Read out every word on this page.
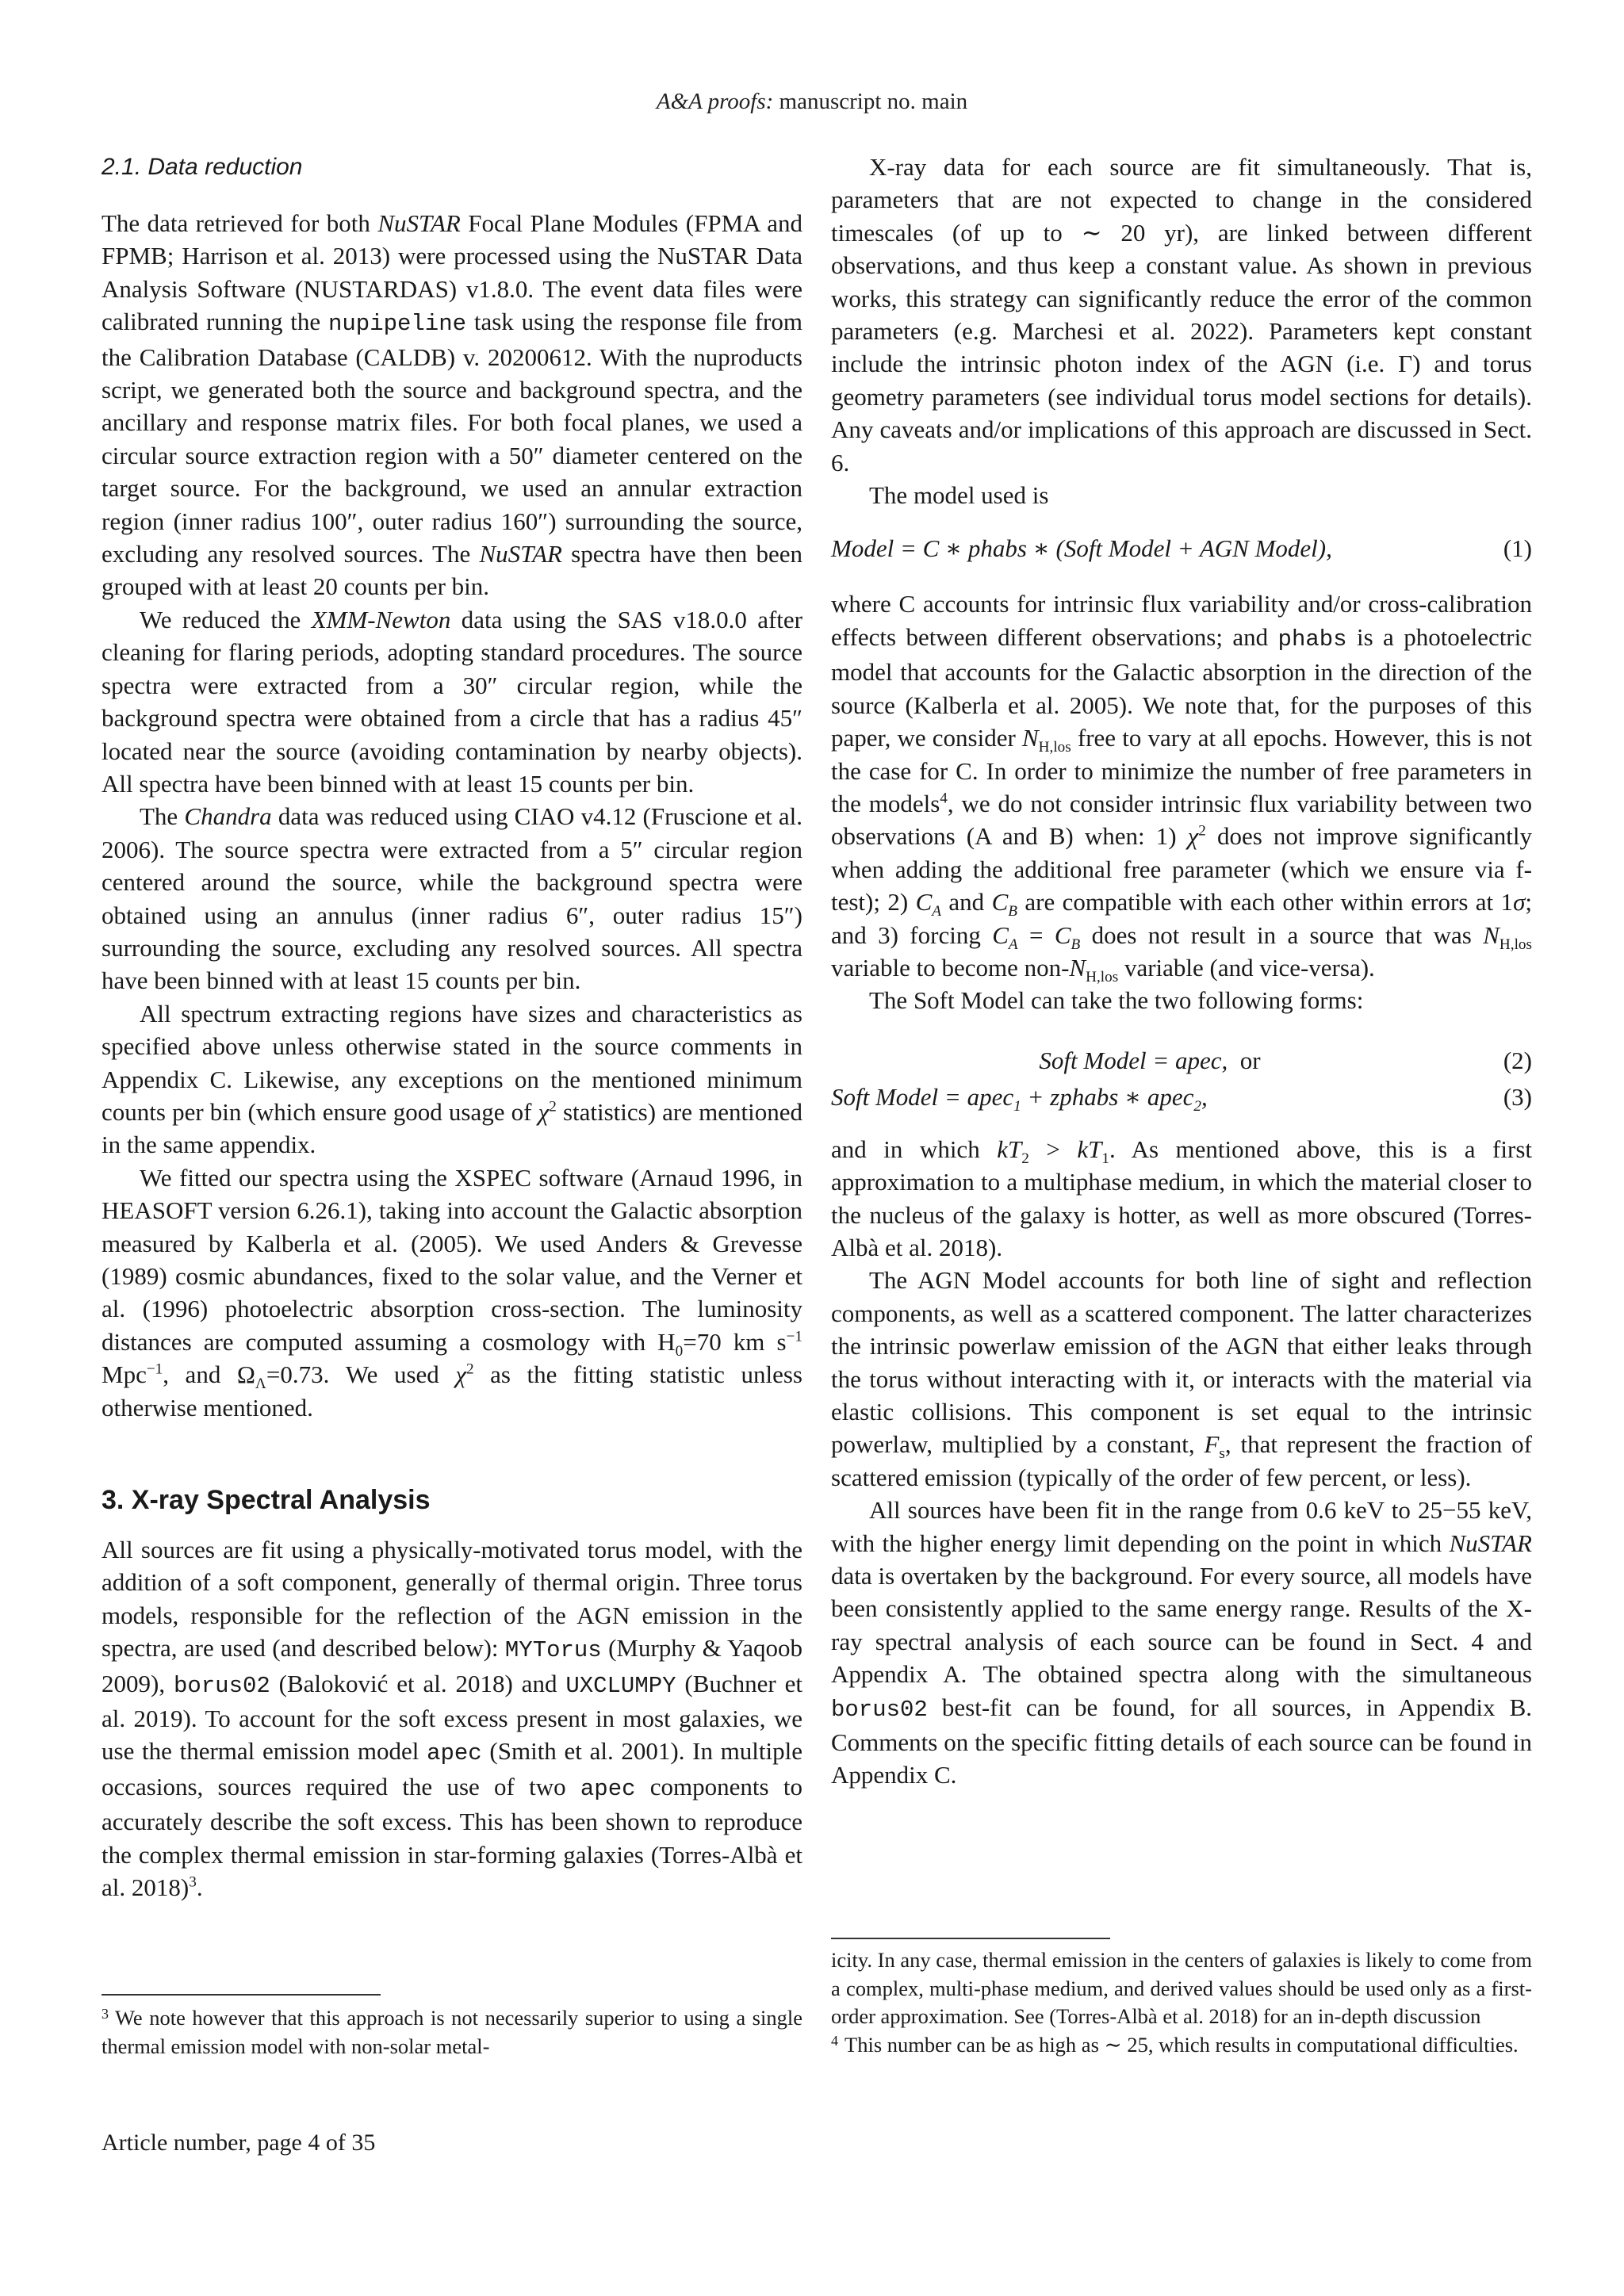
A&A proofs: manuscript no. main
2.1. Data reduction

The data retrieved for both NuSTAR Focal Plane Modules (FPMA and FPMB; Harrison et al. 2013) were processed using the NuSTAR Data Analysis Software (NUSTARDAS) v1.8.0. The event data files were calibrated running the nupipeline task using the response file from the Calibration Database (CALDB) v. 20200612. With the nuproducts script, we generated both the source and background spectra, and the ancillary and response matrix files. For both focal planes, we used a circular source extraction region with a 50″ diameter centered on the target source. For the background, we used an annular extraction region (inner radius 100″, outer radius 160″) surrounding the source, excluding any resolved sources. The NuSTAR spectra have then been grouped with at least 20 counts per bin.

We reduced the XMM-Newton data using the SAS v18.0.0 after cleaning for flaring periods, adopting standard procedures. The source spectra were extracted from a 30″ circular region, while the background spectra were obtained from a circle that has a radius 45″ located near the source (avoiding contamination by nearby objects). All spectra have been binned with at least 15 counts per bin.

The Chandra data was reduced using CIAO v4.12 (Fruscione et al. 2006). The source spectra were extracted from a 5″ circular region centered around the source, while the background spectra were obtained using an annulus (inner radius 6″, outer radius 15″) surrounding the source, excluding any resolved sources. All spectra have been binned with at least 15 counts per bin.

All spectrum extracting regions have sizes and characteristics as specified above unless otherwise stated in the source comments in Appendix C. Likewise, any exceptions on the mentioned minimum counts per bin (which ensure good usage of $\chi^2$ statistics) are mentioned in the same appendix.

We fitted our spectra using the XSPEC software (Arnaud 1996, in HEASOFT version 6.26.1), taking into account the Galactic absorption measured by Kalberla et al. (2005). We used Anders & Grevesse (1989) cosmic abundances, fixed to the solar value, and the Verner et al. (1996) photoelectric absorption cross-section. The luminosity distances are computed assuming a cosmology with $H_0=70$ km $s^{-1}$ Mpc$^{-1}$, and $\Omega_\Lambda=0.73$. We used $\chi^2$ as the fitting statistic unless otherwise mentioned.

3. X-ray Spectral Analysis

All sources are fit using a physically-motivated torus model, with the addition of a soft component, generally of thermal origin. Three torus models, responsible for the reflection of the AGN emission in the spectra, are used (and described below): MYTorus (Murphy & Yaqoob 2009), borus02 (Baloković et al. 2018) and UXCLUMPY (Buchner et al. 2019). To account for the soft excess present in most galaxies, we use the thermal emission model apec (Smith et al. 2001). In multiple occasions, sources required the use of two apec components to accurately describe the soft excess. This has been shown to reproduce the complex thermal emission in star-forming galaxies (Torres-Albà et al. 2018)$^3$.

X-ray data for each source are fit simultaneously. That is, parameters that are not expected to change in the considered timescales (of up to ∼ 20 yr), are linked between different observations, and thus keep a constant value. As shown in previous works, this strategy can significantly reduce the error of the common parameters (e.g. Marchesi et al. 2022). Parameters kept constant include the intrinsic photon index of the AGN (i.e. Γ) and torus geometry parameters (see individual torus model sections for details). Any caveats and/or implications of this approach are discussed in Sect. 6.

The model used is

Model = C ∗ phabs ∗ (Soft Model + AGN Model),	(1)

where C accounts for intrinsic flux variability and/or cross-calibration effects between different observations; and phabs is a photoelectric model that accounts for the Galactic absorption in the direction of the source (Kalberla et al. 2005). We note that, for the purposes of this paper, we consider $N_{H,los}$ free to vary at all epochs. However, this is not the case for C. In order to minimize the number of free parameters in the models$^4$, we do not consider intrinsic flux variability between two observations (A and B) when: 1) $\chi^2$ does not improve significantly when adding the additional free parameter (which we ensure via f-test); 2) $C_A$ and $C_B$ are compatible with each other within errors at 1σ; and 3) forcing $C_A = C_B$ does not result in a source that was $N_{H,los}$ variable to become non-$N_{H,los}$ variable (and vice-versa).

The Soft Model can take the two following forms:

Soft Model = apec,  or	(2)
Soft Model = apec$_1$ + zphabs ∗ apec$_2$,	(3)

and in which $kT_2 > kT_1$. As mentioned above, this is a first approximation to a multiphase medium, in which the material closer to the nucleus of the galaxy is hotter, as well as more obscured (Torres-Albà et al. 2018).

The AGN Model accounts for both line of sight and reflection components, as well as a scattered component. The latter characterizes the intrinsic powerlaw emission of the AGN that either leaks through the torus without interacting with it, or interacts with the material via elastic collisions. This component is set equal to the intrinsic powerlaw, multiplied by a constant, $F_s$, that represent the fraction of scattered emission (typically of the order of few percent, or less).

All sources have been fit in the range from 0.6 keV to 25−55 keV, with the higher energy limit depending on the point in which NuSTAR data is overtaken by the background. For every source, all models have been consistently applied to the same energy range. Results of the X-ray spectral analysis of each source can be found in Sect. 4 and Appendix A. The obtained spectra along with the simultaneous borus02 best-fit can be found, for all sources, in Appendix B. Comments on the specific fitting details of each source can be found in Appendix C.

$^3$ We note however that this approach is not necessarily superior to using a single thermal emission model with non-solar metal-
icity. In any case, thermal emission in the centers of galaxies is likely to come from a complex, multi-phase medium, and derived values should be used only as a first-order approximation. See (Torres-Albà et al. 2018) for an in-depth discussion
$^4$ This number can be as high as ∼ 25, which results in computational difficulties.
Article number, page 4 of 35
